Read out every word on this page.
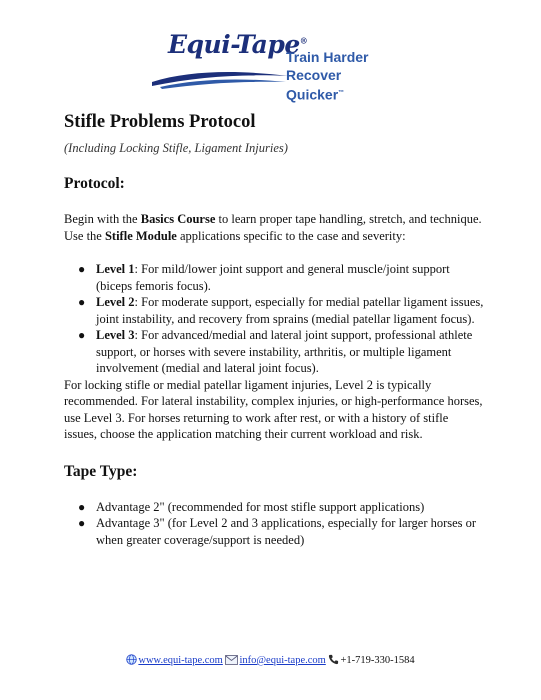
Equi-Tape®
Train Harder
Recover Quicker™
Stifle Problems Protocol

(Including Locking Stifle, Ligament Injuries)

Protocol:

Begin with the Basics Course to learn proper tape handling, stretch, and technique. Use the Stifle Module applications specific to the case and severity:

● Level 1: For mild/lower joint support and general muscle/joint support (biceps femoris focus).
● Level 2: For moderate support, especially for medial patellar ligament issues, joint instability, and recovery from sprains (medial patellar ligament focus).
● Level 3: For advanced/medial and lateral joint support, professional athlete support, or horses with severe instability, arthritis, or multiple ligament involvement (medial and lateral joint focus).

For locking stifle or medial patellar ligament injuries, Level 2 is typically recommended. For lateral instability, complex injuries, or high-performance horses, use Level 3. For horses returning to work after rest, or with a history of stifle issues, choose the application matching their current workload and risk.

Tape Type:
● Advantage 2" (recommended for most stifle support applications)
● Advantage 3" (for Level 2 and 3 applications, especially for larger horses or when greater coverage/support is needed)
www.equi-tape.com info@equi-tape.com +1-719-330-1584
